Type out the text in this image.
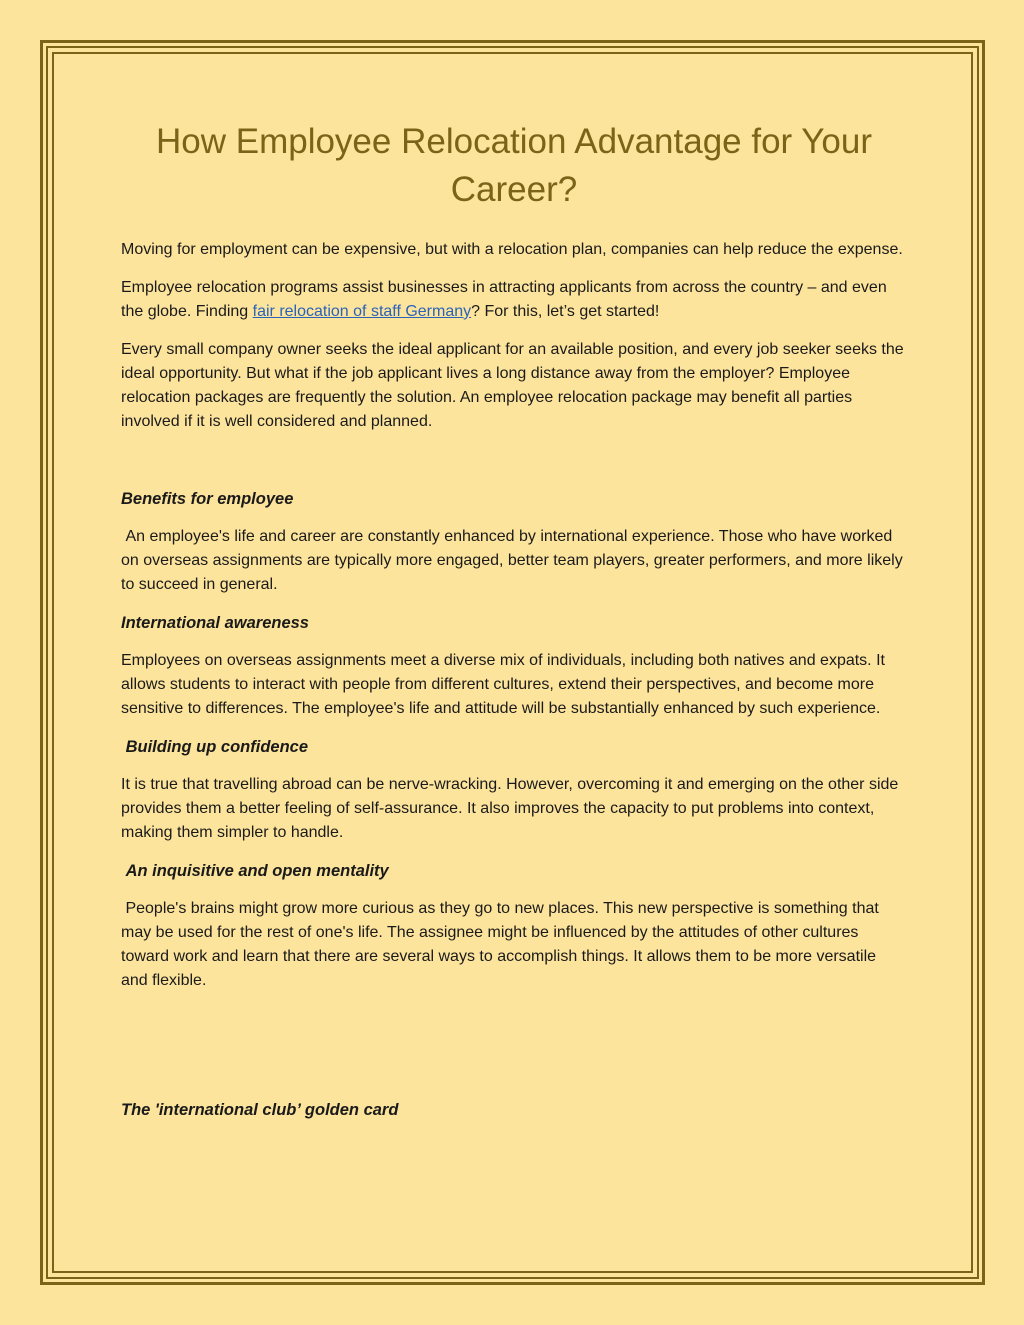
How Employee Relocation Advantage for Your Career?

Moving for employment can be expensive, but with a relocation plan, companies can help reduce the expense.

Employee relocation programs assist businesses in attracting applicants from across the country – and even the globe. Finding fair relocation of staff Germany? For this, let’s get started!

Every small company owner seeks the ideal applicant for an available position, and every job seeker seeks the ideal opportunity. But what if the job applicant lives a long distance away from the employer? Employee relocation packages are frequently the solution. An employee relocation package may benefit all parties involved if it is well considered and planned.

Benefits for employee

An employee's life and career are constantly enhanced by international experience. Those who have worked on overseas assignments are typically more engaged, better team players, greater performers, and more likely to succeed in general.

International awareness

Employees on overseas assignments meet a diverse mix of individuals, including both natives and expats. It allows students to interact with people from different cultures, extend their perspectives, and become more sensitive to differences. The employee's life and attitude will be substantially enhanced by such experience.

Building up confidence

It is true that travelling abroad can be nerve-wracking. However, overcoming it and emerging on the other side provides them a better feeling of self-assurance. It also improves the capacity to put problems into context, making them simpler to handle.

An inquisitive and open mentality

People's brains might grow more curious as they go to new places. This new perspective is something that may be used for the rest of one's life. The assignee might be influenced by the attitudes of other cultures toward work and learn that there are several ways to accomplish things. It allows them to be more versatile and flexible.

The 'international club’ golden card
